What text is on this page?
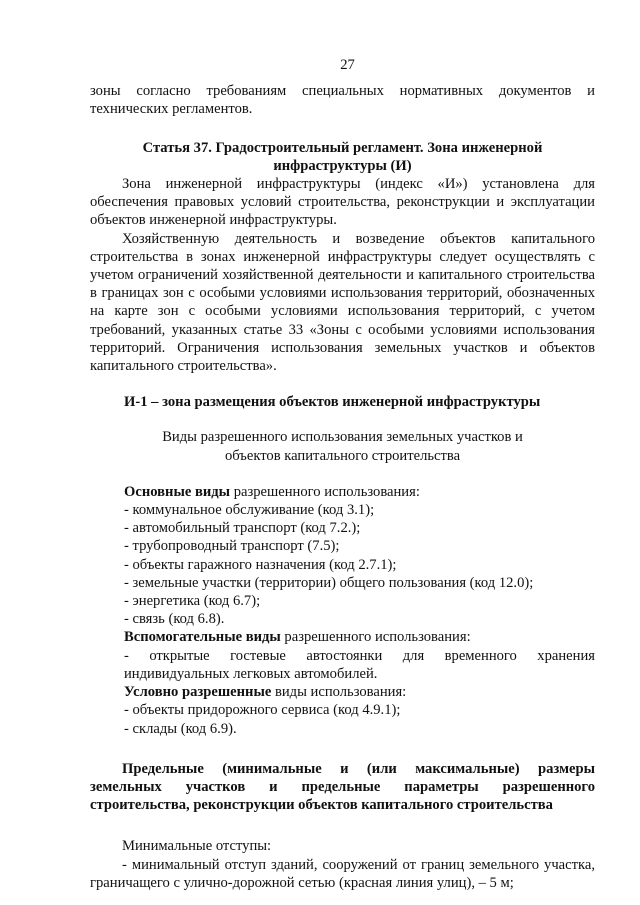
27

зоны согласно требованиям специальных нормативных документов и технических регламентов.

Статья 37. Градостроительный регламент. Зона инженерной инфраструктуры (И)

Зона инженерной инфраструктуры (индекс «И») установлена для обеспечения правовых условий строительства, реконструкции и эксплуатации объектов инженерной инфраструктуры.

Хозяйственную деятельность и возведение объектов капитального строительства в зонах инженерной инфраструктуры следует осуществлять с учетом ограничений хозяйственной деятельности и капитального строительства в границах зон с особыми условиями использования территорий, обозначенных на карте зон с особыми условиями использования территорий, с учетом требований, указанных статье 33 «Зоны с особыми условиями использования территорий. Ограничения использования земельных участков и объектов капитального строительства».

И-1 – зона размещения объектов инженерной инфраструктуры
Виды разрешенного использования земельных участков и
объектов капитального строительства

Основные виды разрешенного использования:

- коммунальное обслуживание (код 3.1);

- автомобильный транспорт (код 7.2.);

- трубопроводный транспорт (7.5);

- объекты гаражного назначения (код 2.7.1);

- земельные участки (территории) общего пользования (код 12.0);

- энергетика (код 6.7);

- связь (код 6.8).

Вспомогательные виды разрешенного использования:

- открытые гостевые автостоянки для временного хранения индивидуальных легковых автомобилей.

Условно разрешенные виды использования:

- объекты придорожного сервиса (код 4.9.1);

- склады (код 6.9).

Предельные (минимальные и (или максимальные) размеры земельных участков и предельные параметры разрешенного строительства, реконструкции объектов капитального строительства

Минимальные отступы:

- минимальный отступ зданий, сооружений от границ земельного участка, граничащего с улично-дорожной сетью (красная линия улиц), – 5 м;
